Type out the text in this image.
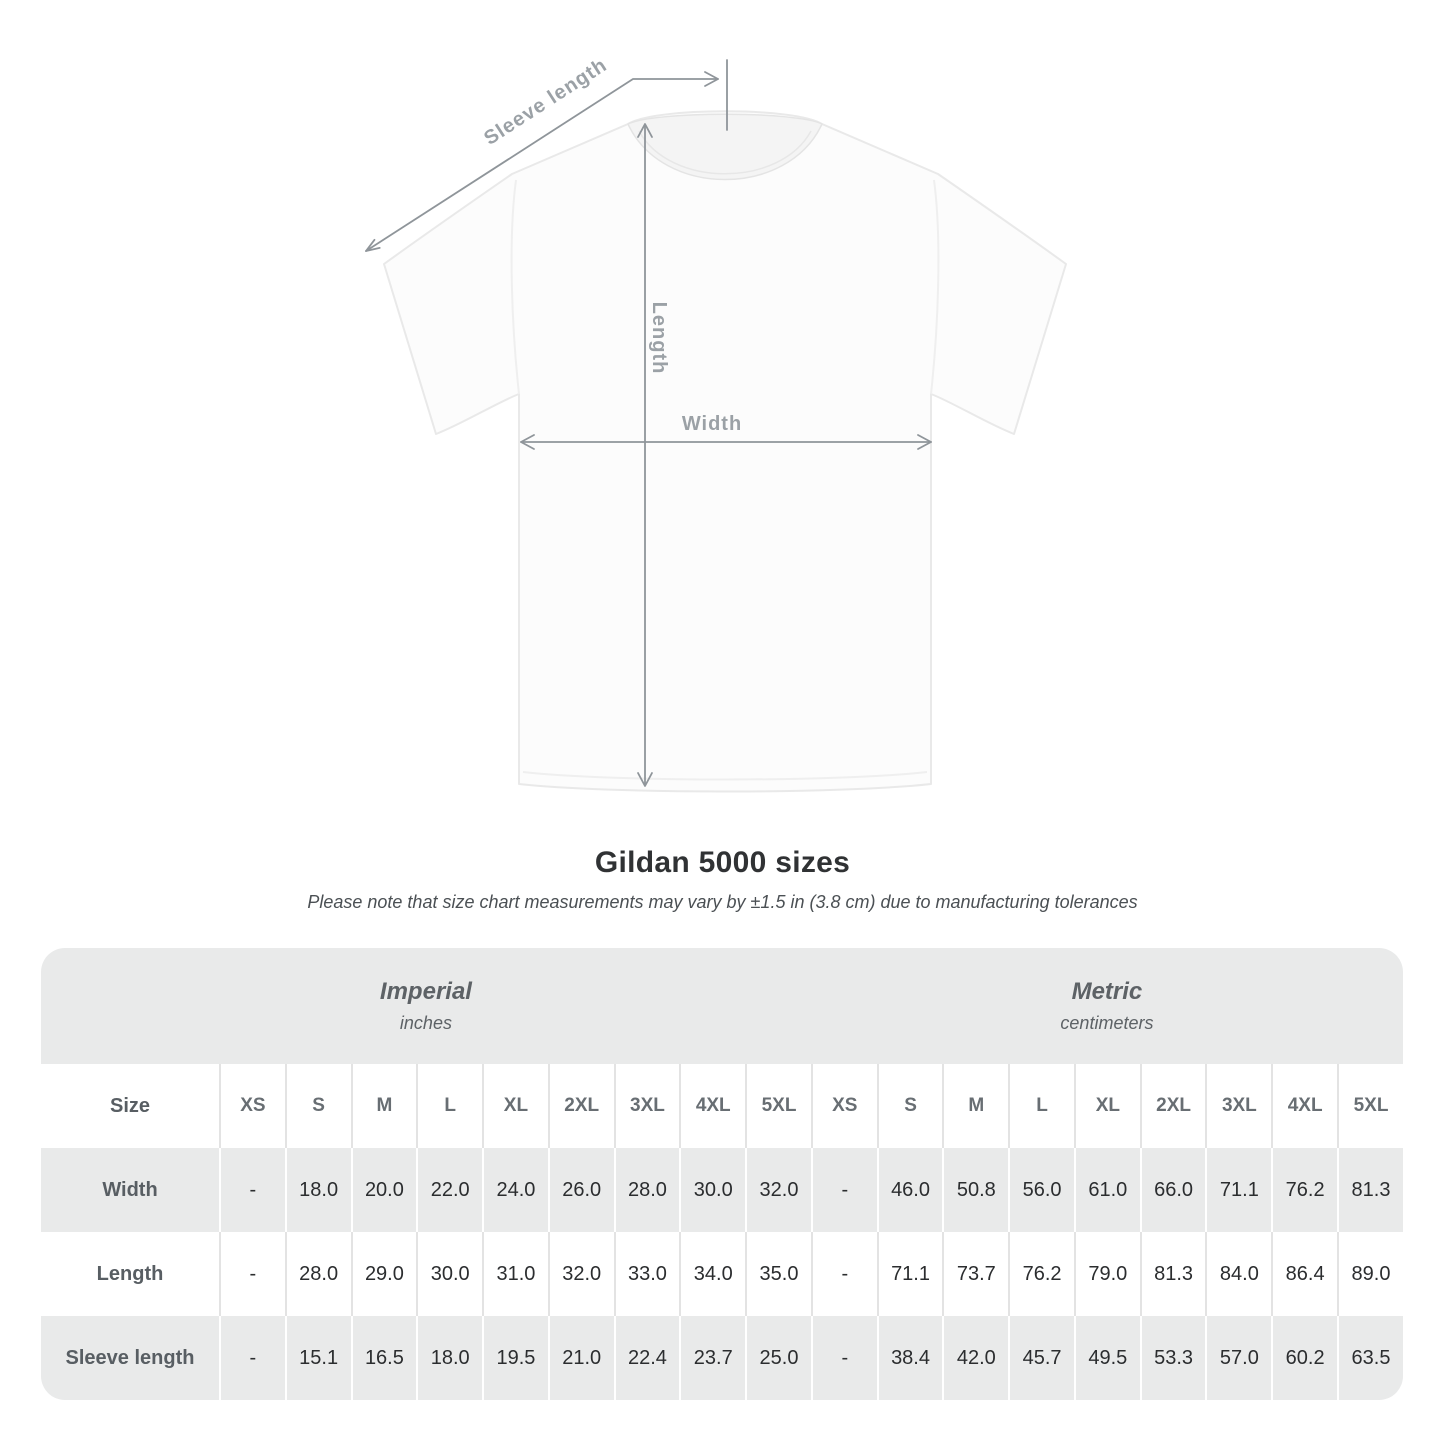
Sleeve length
Length
Width
Gildan 5000 sizes
Please note that size chart measurements may vary by ±1.5 in (3.8 cm) due to manufacturing tolerances
Imperial
inches

Metric
centimeters

Size	XS	S	M	L	XL	2XL	3XL	4XL	5XL	XS	S	M	L	XL	2XL	3XL	4XL	5XL
Width	-	18.0	20.0	22.0	24.0	26.0	28.0	30.0	32.0	-	46.0	50.8	56.0	61.0	66.0	71.1	76.2	81.3
Length	-	28.0	29.0	30.0	31.0	32.0	33.0	34.0	35.0	-	71.1	73.7	76.2	79.0	81.3	84.0	86.4	89.0
Sleeve length	-	15.1	16.5	18.0	19.5	21.0	22.4	23.7	25.0	-	38.4	42.0	45.7	49.5	53.3	57.0	60.2	63.5
